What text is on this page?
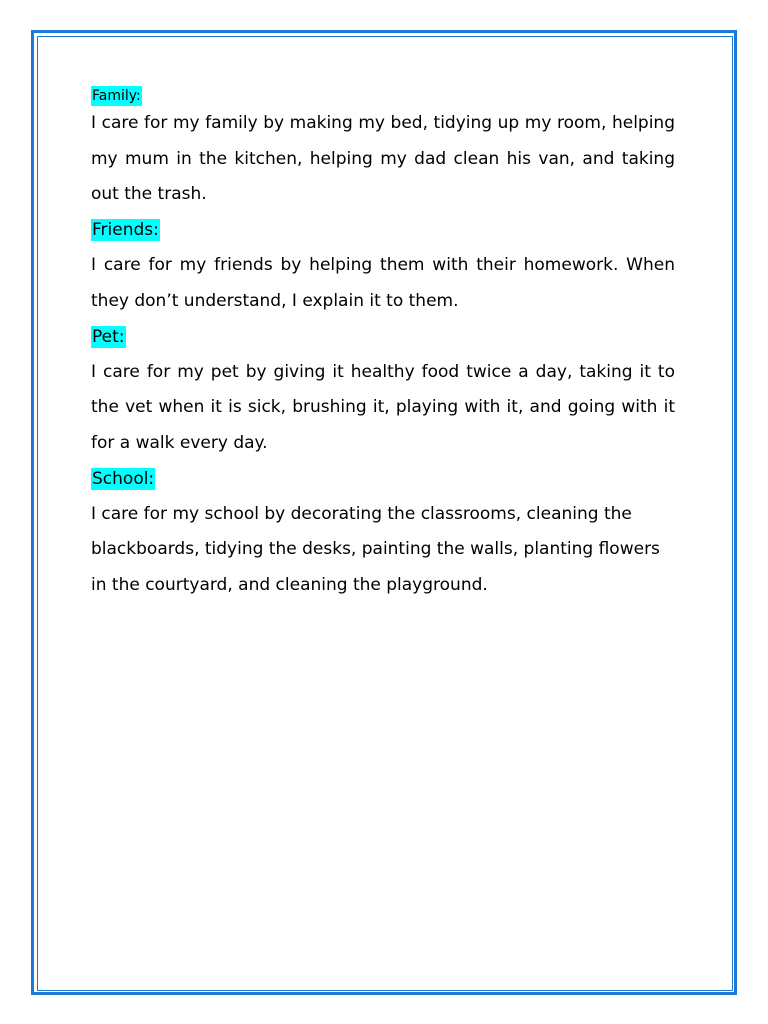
Family:

I care for my family by making my bed, tidying up my room, helping my mum in the kitchen, helping my dad clean his van, and taking out the trash.

Friends:

I care for my friends by helping them with their homework. When they don’t understand, I explain it to them.

Pet:

I care for my pet by giving it healthy food twice a day, taking it to the vet when it is sick, brushing it, playing with it, and going with it for a walk every day.

School:

I care for my school by decorating the classrooms, cleaning the blackboards, tidying the desks, painting the walls, planting flowers in the courtyard, and cleaning the playground.
